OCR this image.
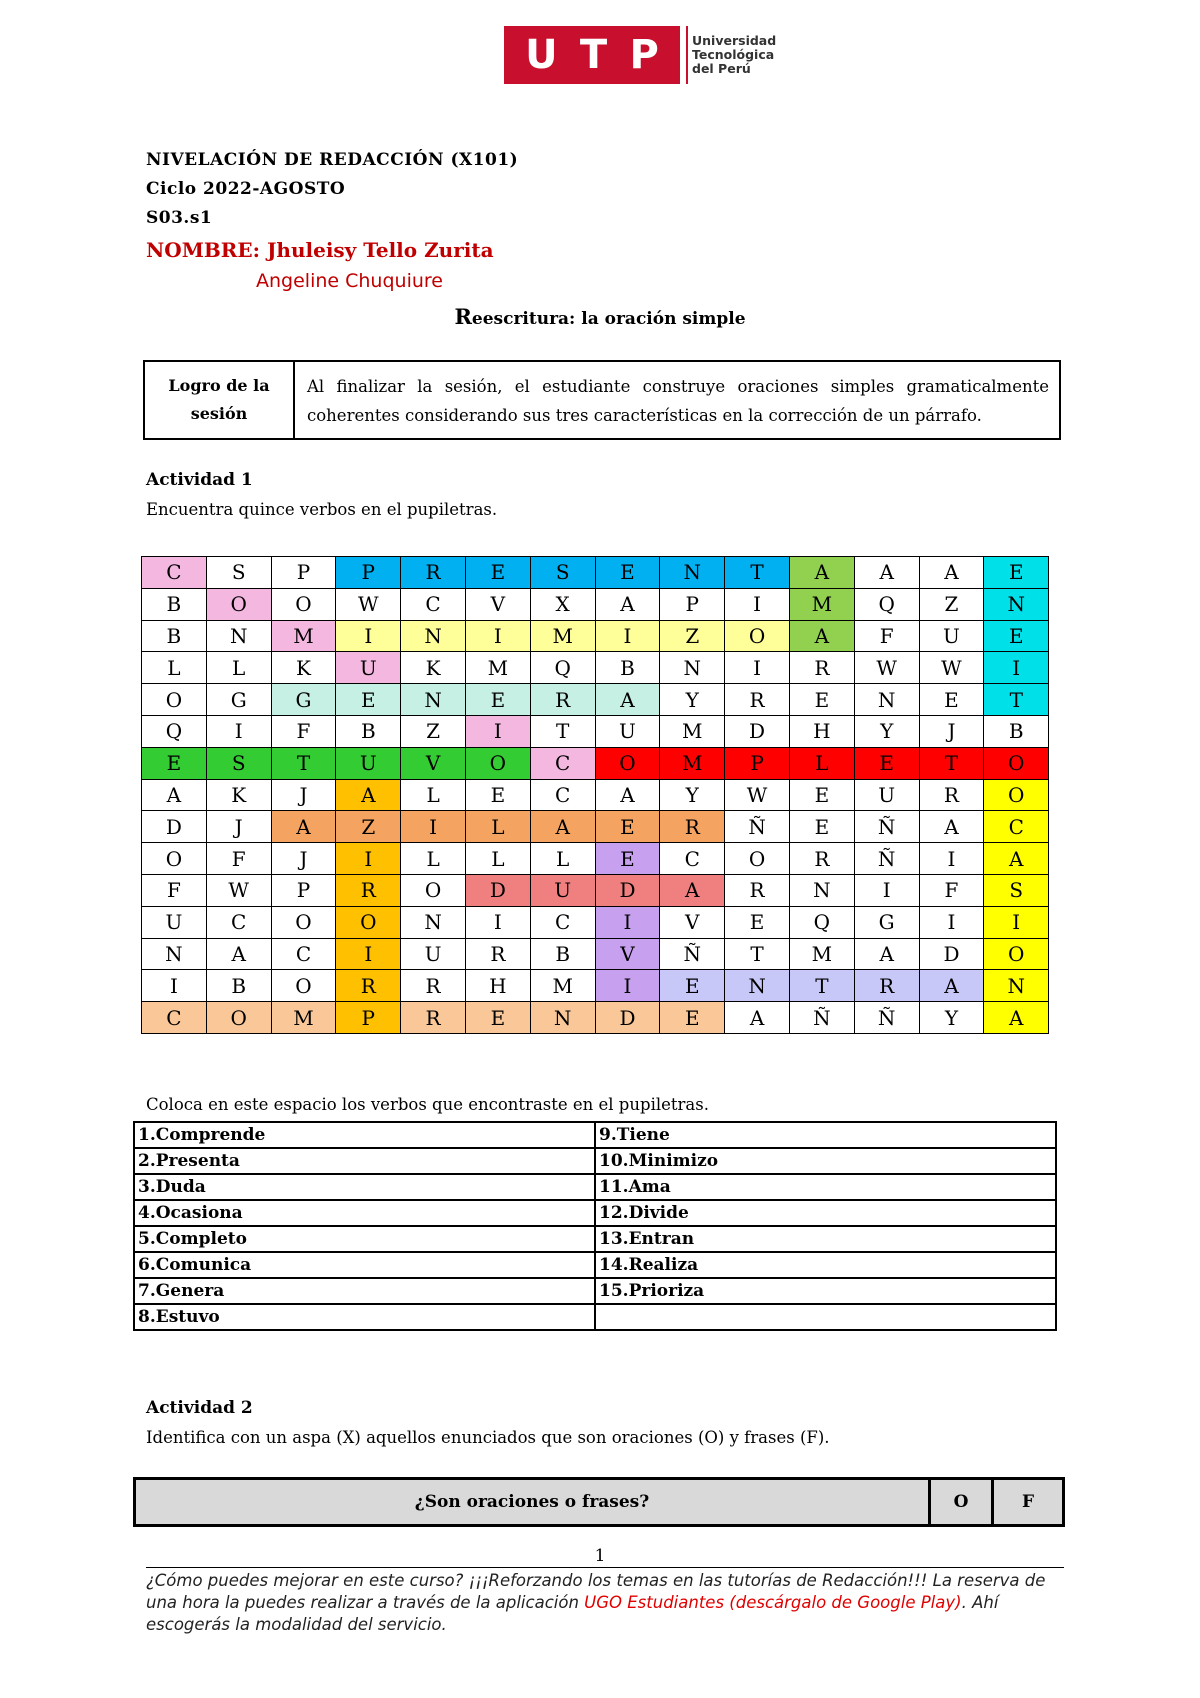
U T P	Universidad
Tecnológica
del Perú
NIVELACIÓN DE REDACCIÓN (X101)
Ciclo 2022-AGOSTO
S03.s1
NOMBRE: Jhuleisy Tello Zurita
Angeline Chuquiure
Reescritura: la oración simple
Logro de la
sesión
Al finalizar la sesión, el estudiante construye oraciones simples gramaticalmente coherentes considerando sus tres características en la corrección de un párrafo.
Actividad 1
Encuentra quince verbos en el pupiletras.
C	S	P	P	R	E	S	E	N	T	A	A	A	E
B	O	O	W	C	V	X	A	P	I	M	Q	Z	N
B	N	M	I	N	I	M	I	Z	O	A	F	U	E
L	L	K	U	K	M	Q	B	N	I	R	W	W	I
O	G	G	E	N	E	R	A	Y	R	E	N	E	T
Q	I	F	B	Z	I	T	U	M	D	H	Y	J	B
E	S	T	U	V	O	C	O	M	P	L	E	T	O
A	K	J	A	L	E	C	A	Y	W	E	U	R	O
D	J	A	Z	I	L	A	E	R	Ñ	E	Ñ	A	C
O	F	J	I	L	L	L	E	C	O	R	Ñ	I	A
F	W	P	R	O	D	U	D	A	R	N	I	F	S
U	C	O	O	N	I	C	I	V	E	Q	G	I	I
N	A	C	I	U	R	B	V	Ñ	T	M	A	D	O
I	B	O	R	R	H	M	I	E	N	T	R	A	N
C	O	M	P	R	E	N	D	E	A	Ñ	Ñ	Y	A
Coloca en este espacio los verbos que encontraste en el pupiletras.
1.Comprende	9.Tiene
2.Presenta	10.Minimizo
3.Duda	11.Ama
4.Ocasiona	12.Divide
5.Completo	13.Entran
6.Comunica	14.Realiza
7.Genera	15.Prioriza
8.Estuvo	
Actividad 2
Identifica con un aspa (X) aquellos enunciados que son oraciones (O) y frases (F).
¿Son oraciones o frases?	O	F
1
¿Cómo puedes mejorar en este curso? ¡¡¡Reforzando los temas en las tutorías de Redacción!!! La reserva de una hora la puedes realizar a través de la aplicación UGO Estudiantes (descárgalo de Google Play). Ahí escogerás la modalidad del servicio.
